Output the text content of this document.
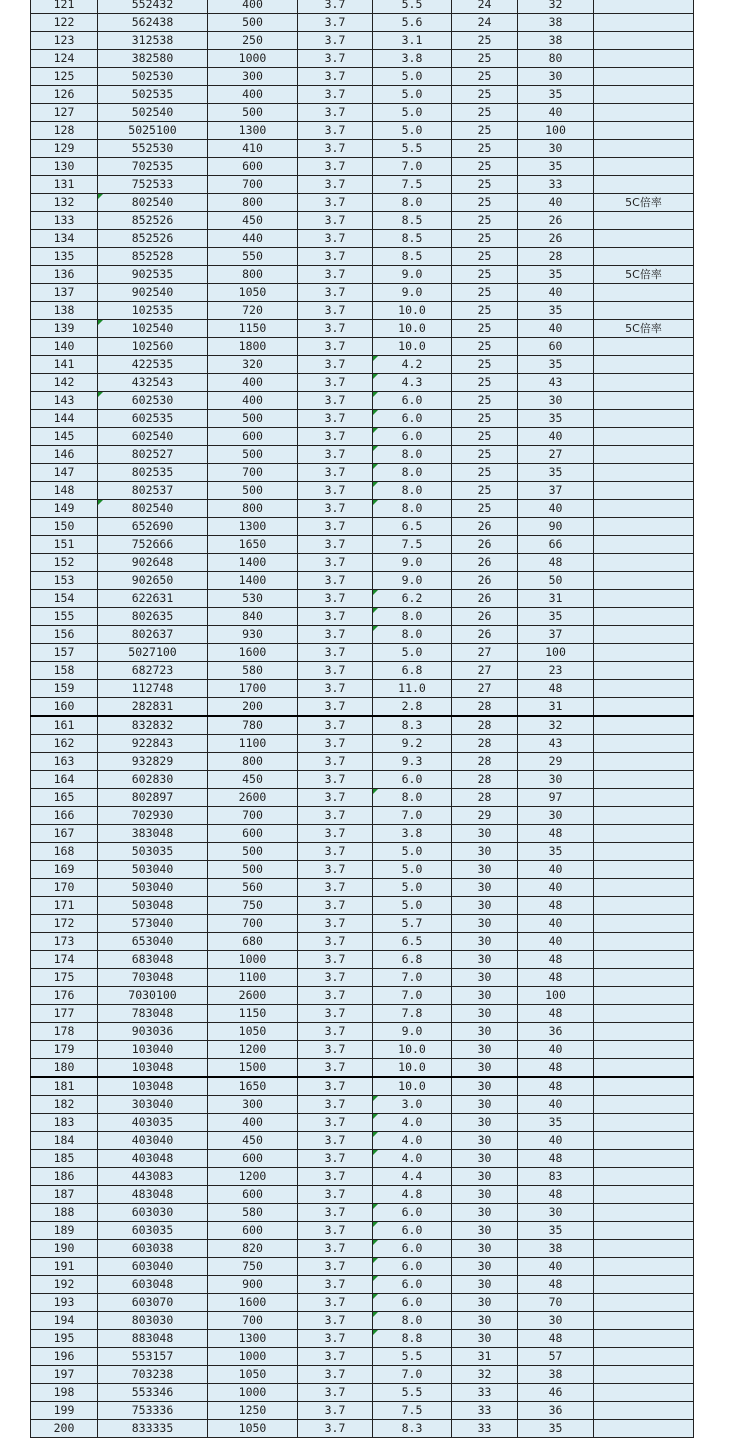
121	552432	400	3.7	5.5	24	32	
122	562438	500	3.7	5.6	24	38	
123	312538	250	3.7	3.1	25	38	
124	382580	1000	3.7	3.8	25	80	
125	502530	300	3.7	5.0	25	30	
126	502535	400	3.7	5.0	25	35	
127	502540	500	3.7	5.0	25	40	
128	5025100	1300	3.7	5.0	25	100	
129	552530	410	3.7	5.5	25	30	
130	702535	600	3.7	7.0	25	35	
131	752533	700	3.7	7.5	25	33	
132	802540	800	3.7	8.0	25	40	5C倍率
133	852526	450	3.7	8.5	25	26	
134	852526	440	3.7	8.5	25	26	
135	852528	550	3.7	8.5	25	28	
136	902535	800	3.7	9.0	25	35	5C倍率
137	902540	1050	3.7	9.0	25	40	
138	102535	720	3.7	10.0	25	35	
139	102540	1150	3.7	10.0	25	40	5C倍率
140	102560	1800	3.7	10.0	25	60	
141	422535	320	3.7	4.2	25	35	
142	432543	400	3.7	4.3	25	43	
143	602530	400	3.7	6.0	25	30	
144	602535	500	3.7	6.0	25	35	
145	602540	600	3.7	6.0	25	40	
146	802527	500	3.7	8.0	25	27	
147	802535	700	3.7	8.0	25	35	
148	802537	500	3.7	8.0	25	37	
149	802540	800	3.7	8.0	25	40	
150	652690	1300	3.7	6.5	26	90	
151	752666	1650	3.7	7.5	26	66	
152	902648	1400	3.7	9.0	26	48	
153	902650	1400	3.7	9.0	26	50	
154	622631	530	3.7	6.2	26	31	
155	802635	840	3.7	8.0	26	35	
156	802637	930	3.7	8.0	26	37	
157	5027100	1600	3.7	5.0	27	100	
158	682723	580	3.7	6.8	27	23	
159	112748	1700	3.7	11.0	27	48	
160	282831	200	3.7	2.8	28	31	
161	832832	780	3.7	8.3	28	32	
162	922843	1100	3.7	9.2	28	43	
163	932829	800	3.7	9.3	28	29	
164	602830	450	3.7	6.0	28	30	
165	802897	2600	3.7	8.0	28	97	
166	702930	700	3.7	7.0	29	30	
167	383048	600	3.7	3.8	30	48	
168	503035	500	3.7	5.0	30	35	
169	503040	500	3.7	5.0	30	40	
170	503040	560	3.7	5.0	30	40	
171	503048	750	3.7	5.0	30	48	
172	573040	700	3.7	5.7	30	40	
173	653040	680	3.7	6.5	30	40	
174	683048	1000	3.7	6.8	30	48	
175	703048	1100	3.7	7.0	30	48	
176	7030100	2600	3.7	7.0	30	100	
177	783048	1150	3.7	7.8	30	48	
178	903036	1050	3.7	9.0	30	36	
179	103040	1200	3.7	10.0	30	40	
180	103048	1500	3.7	10.0	30	48	
181	103048	1650	3.7	10.0	30	48	
182	303040	300	3.7	3.0	30	40	
183	403035	400	3.7	4.0	30	35	
184	403040	450	3.7	4.0	30	40	
185	403048	600	3.7	4.0	30	48	
186	443083	1200	3.7	4.4	30	83	
187	483048	600	3.7	4.8	30	48	
188	603030	580	3.7	6.0	30	30	
189	603035	600	3.7	6.0	30	35	
190	603038	820	3.7	6.0	30	38	
191	603040	750	3.7	6.0	30	40	
192	603048	900	3.7	6.0	30	48	
193	603070	1600	3.7	6.0	30	70	
194	803030	700	3.7	8.0	30	30	
195	883048	1300	3.7	8.8	30	48	
196	553157	1000	3.7	5.5	31	57	
197	703238	1050	3.7	7.0	32	38	
198	553346	1000	3.7	5.5	33	46	
199	753336	1250	3.7	7.5	33	36	
200	833335	1050	3.7	8.3	33	35	
